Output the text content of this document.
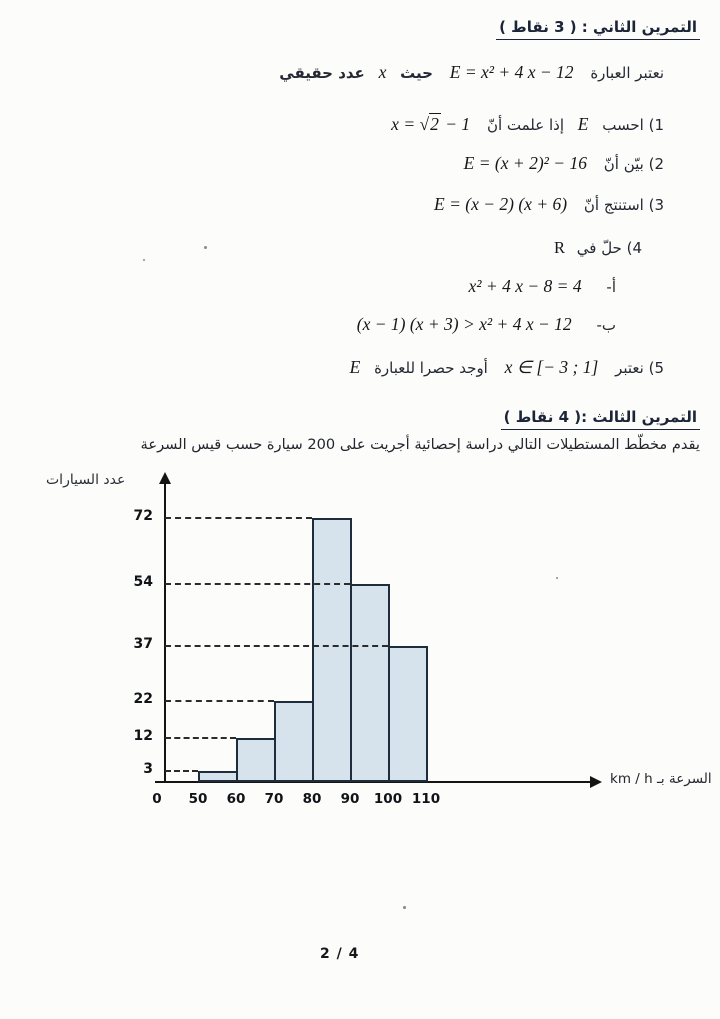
التمرين الثاني : ( 3 نقاط )
نعتبر العبارة E = x² + 4 x − 12 حيث x عدد حقيقي
1) احسب E إذا علمت أنّ x = √2 − 1
2) بيّن أنّ E = (x + 2)² − 16
3) استنتج أنّ E = (x − 2) (x + 6)
4) حلّ في R
أ- x² + 4 x − 8 = 4
ب- (x − 1) (x + 3) > x² + 4 x − 12
5) نعتبر x ∈ [− 3 ; 1] أوجد حصرا للعبارة E
التمرين الثالث :( 4 نقاط )
يقدم مخطّط المستطيلات التالي دراسة إحصائية أجريت على 200 سيارة حسب قيس السرعة
عدد السيارات
السرعة بـ km / h
3
12
22
37
54
72
0	50	60	70	80	90	100 110
2 / 4
